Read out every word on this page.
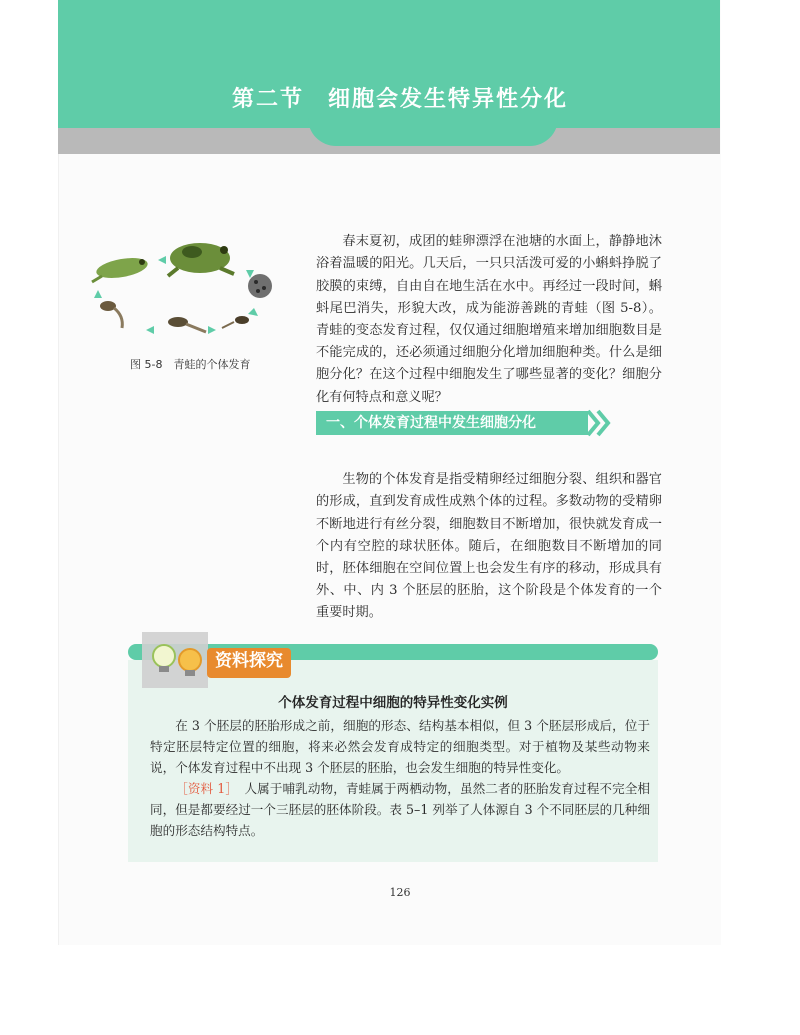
第二节　细胞会发生特异性分化
图 5-8　青蛙的个体发育

春末夏初，成团的蛙卵漂浮在池塘的水面上，静静地沐浴着温暖的阳光。几天后，一只只活泼可爱的小蝌蚪挣脱了胶膜的束缚，自由自在地生活在水中。再经过一段时间，蝌蚪尾巴消失，形貌大改，成为能游善跳的青蛙（图 5-8）。青蛙的变态发育过程，仅仅通过细胞增殖来增加细胞数目是不能完成的，还必须通过细胞分化增加细胞种类。什么是细胞分化？在这个过程中细胞发生了哪些显著的变化？细胞分化有何特点和意义呢？

一、个体发育过程中发生细胞分化

生物的个体发育是指受精卵经过细胞分裂、组织和器官的形成，直到发育成性成熟个体的过程。多数动物的受精卵不断地进行有丝分裂，细胞数目不断增加，很快就发育成一个内有空腔的球状胚体。随后，在细胞数目不断增加的同时，胚体细胞在空间位置上也会发生有序的移动，形成具有外、中、内 3 个胚层的胚胎，这个阶段是个体发育的一个重要时期。

资料探究
个体发育过程中细胞的特异性变化实例

在 3 个胚层的胚胎形成之前，细胞的形态、结构基本相似，但 3 个胚层形成后，位于特定胚层特定位置的细胞，将来必然会发育成特定的细胞类型。对于植物及某些动物来说，个体发育过程中不出现 3 个胚层的胚胎，也会发生细胞的特异性变化。

［资料 1］　 人属于哺乳动物，青蛙属于两栖动物，虽然二者的胚胎发育过程不完全相同，但是都要经过一个三胚层的胚体阶段。表 5–1 列举了人体源自 3 个不同胚层的几种细胞的形态结构特点。

126
